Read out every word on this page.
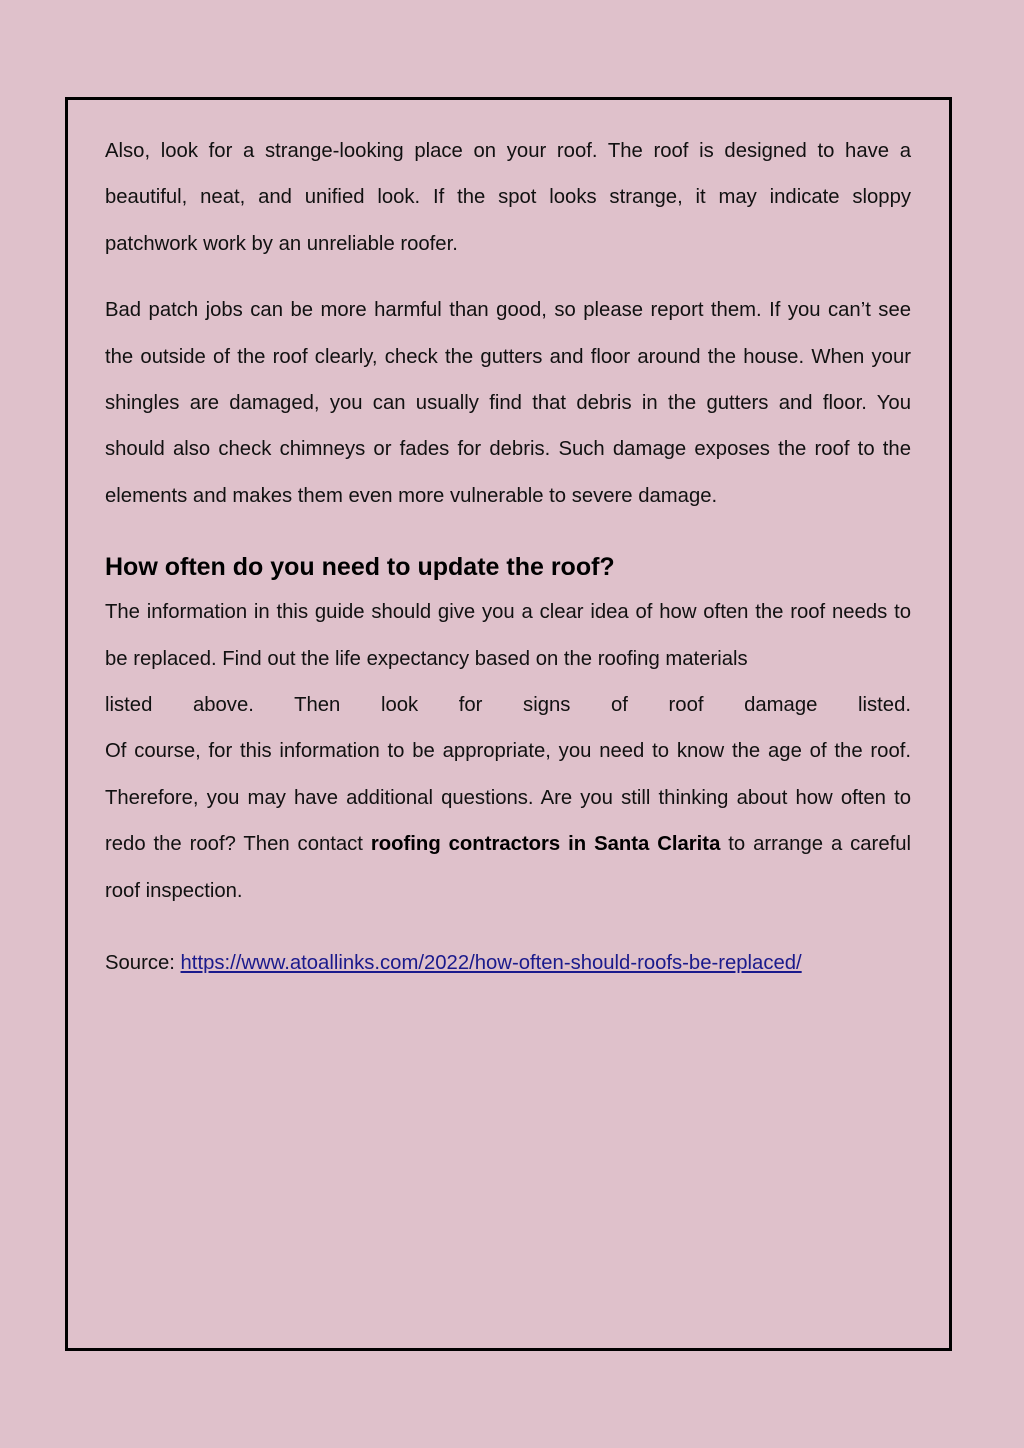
Also, look for a strange-looking place on your roof. The roof is designed to have a beautiful, neat, and unified look. If the spot looks strange, it may indicate sloppy patchwork work by an unreliable roofer.

Bad patch jobs can be more harmful than good, so please report them. If you can’t see the outside of the roof clearly, check the gutters and floor around the house. When your shingles are damaged, you can usually find that debris in the gutters and floor. You should also check chimneys or fades for debris. Such damage exposes the roof to the elements and makes them even more vulnerable to severe damage.

How often do you need to update the roof?

The information in this guide should give you a clear idea of how often the roof needs to be replaced. Find out the life expectancy based on the roofing materials
listed above. Then look for signs of roof damage listed.
Of course, for this information to be appropriate, you need to know the age of the roof. Therefore, you may have additional questions. Are you still thinking about how often to redo the roof? Then contact roofing contractors in Santa Clarita to arrange a careful roof inspection.

Source: https://www.atoallinks.com/2022/how-often-should-roofs-be-replaced/
